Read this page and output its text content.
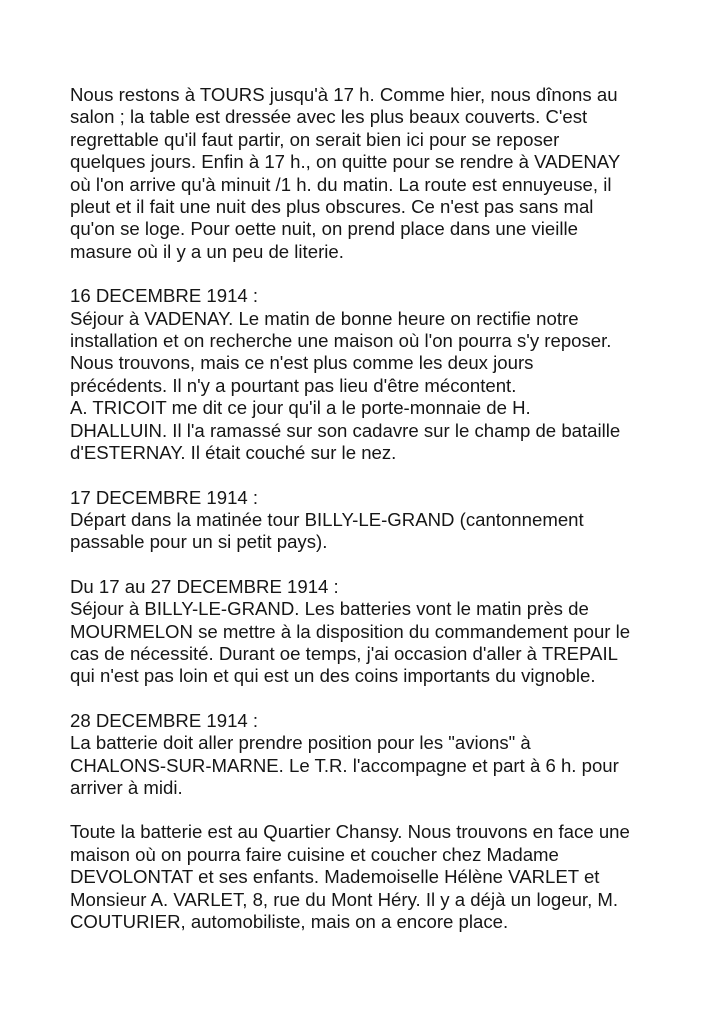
Nous restons à TOURS jusqu'à 17 h. Comme hier, nous dînons au
salon ; la table est dressée avec les plus beaux couverts. C'est
regrettable qu'il faut partir, on serait bien ici pour se reposer
quelques jours. Enfin à 17 h., on quitte pour se rendre à VADENAY
où l'on arrive qu'à minuit /1 h. du matin. La route est ennuyeuse, il
pleut et il fait une nuit des plus obscures. Ce n'est pas sans mal
qu'on se loge. Pour oette nuit, on prend place dans une vieille
masure où il y a un peu de literie.
16 DECEMBRE 1914 :
Séjour à VADENAY. Le matin de bonne heure on rectifie notre
installation et on recherche une maison où l'on pourra s'y reposer.
Nous trouvons, mais ce n'est plus comme les deux jours
précédents. Il n'y a pourtant pas lieu d'être mécontent.
A. TRICOIT me dit ce jour qu'il a le porte-monnaie de H.
DHALLUIN. Il l'a ramassé sur son cadavre sur le champ de bataille
d'ESTERNAY. Il était couché sur le nez.
17 DECEMBRE 1914 :
Départ dans la matinée tour BILLY-LE-GRAND (cantonnement
passable pour un si petit pays).
Du 17 au 27 DECEMBRE 1914 :
Séjour à BILLY-LE-GRAND. Les batteries vont le matin près de
MOURMELON se mettre à la disposition du commandement pour le
cas de nécessité. Durant oe temps, j'ai occasion d'aller à TREPAIL
qui n'est pas loin et qui est un des coins importants du vignoble.
28 DECEMBRE 1914 :
La batterie doit aller prendre position pour les "avions" à
CHALONS-SUR-MARNE. Le T.R. l'accompagne et part à 6 h. pour
arriver à midi.
Toute la batterie est au Quartier Chansy. Nous trouvons en face une
maison où on pourra faire cuisine et coucher chez Madame
DEVOLONTAT et ses enfants. Mademoiselle Hélène VARLET et
Monsieur A. VARLET, 8, rue du Mont Héry. Il y a déjà un logeur, M.
COUTURIER, automobiliste, mais on a encore place.
